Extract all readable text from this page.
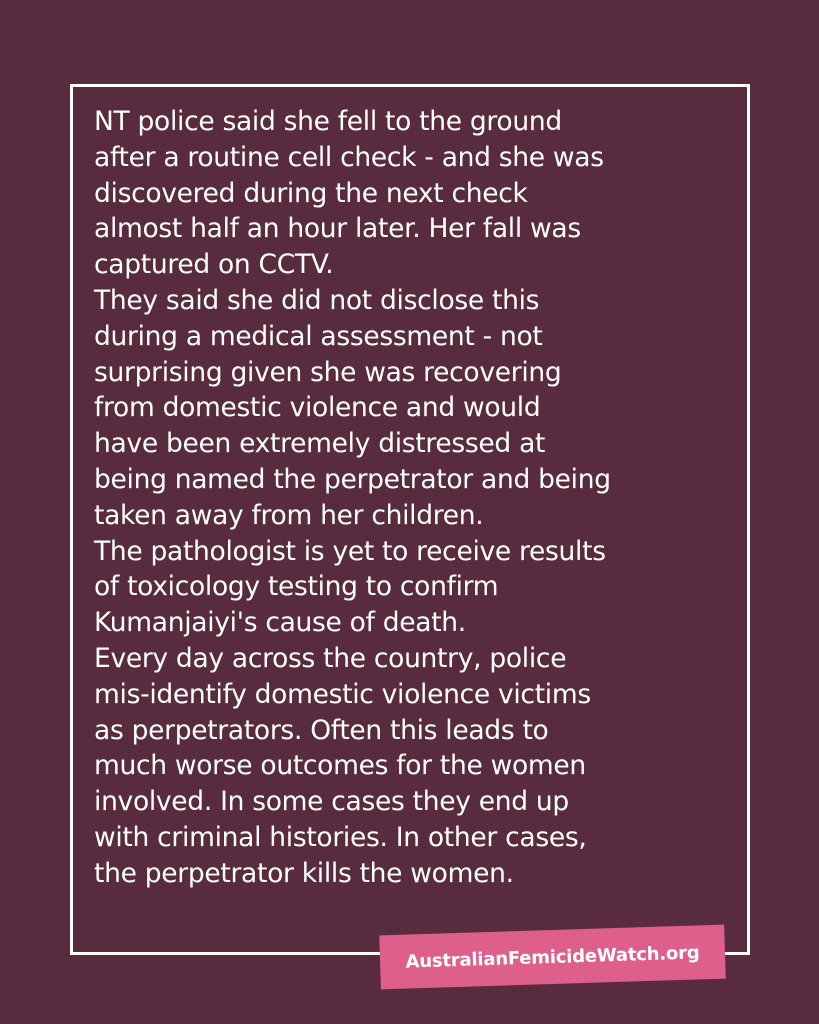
NT police said she fell to the ground
after a routine cell check - and she was
discovered during the next check
almost half an hour later. Her fall was
captured on CCTV.

They said she did not disclose this
during a medical assessment - not
surprising given she was recovering
from domestic violence and would
have been extremely distressed at
being named the perpetrator and being
taken away from her children.

The pathologist is yet to receive results
of toxicology testing to confirm
Kumanjaiyi's cause of death.

Every day across the country, police
mis-identify domestic violence victims
as perpetrators. Often this leads to
much worse outcomes for the women
involved. In some cases they end up
with criminal histories. In other cases,
the perpetrator kills the women.

AustralianFemicideWatch.org
